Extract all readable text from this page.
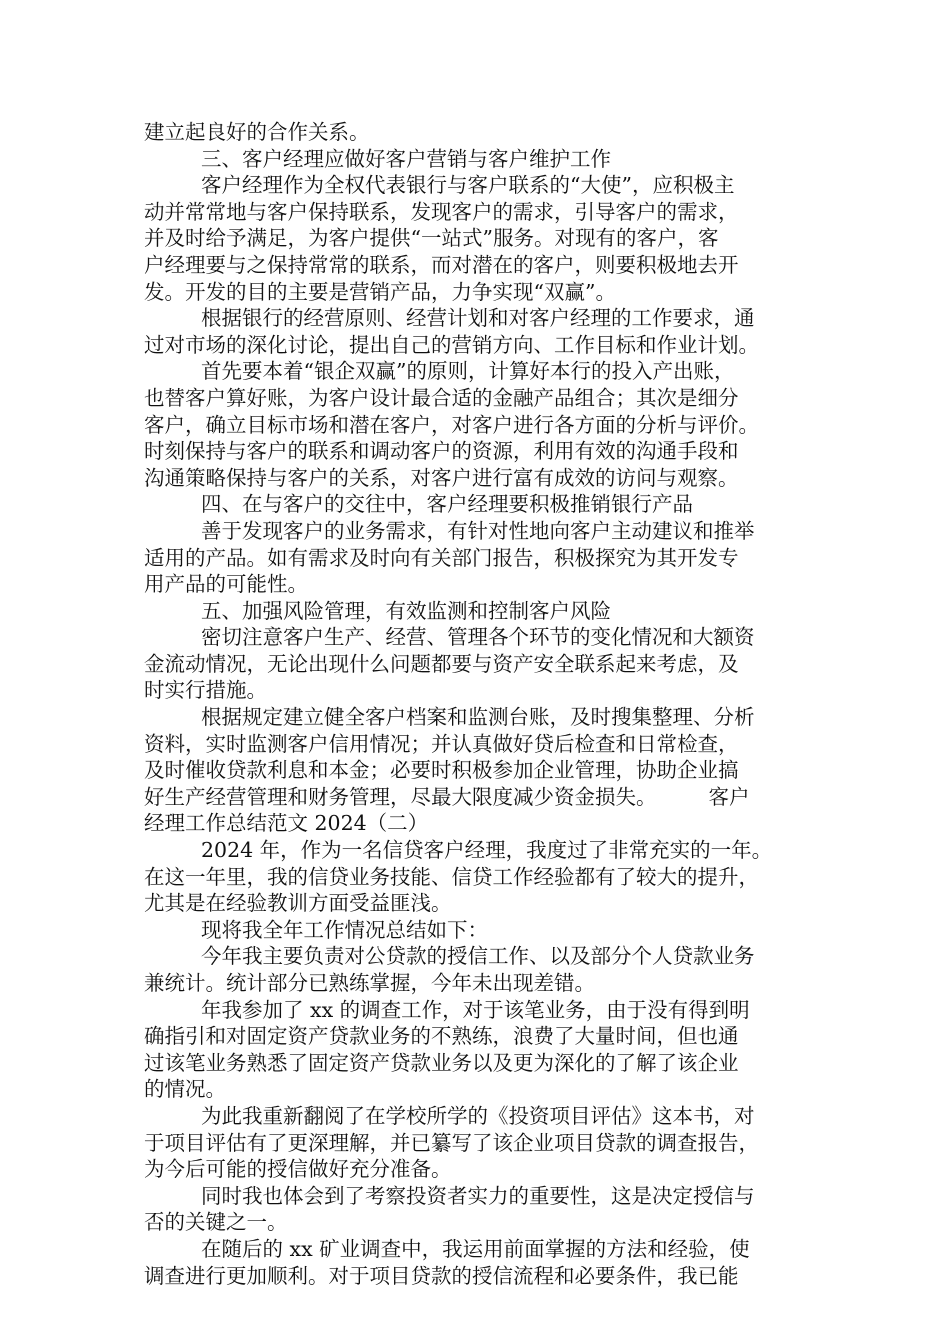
建立起良好的合作关系。
三、客户经理应做好客户营销与客户维护工作
客户经理作为全权代表银行与客户联系的“大使”，应积极主
动并常常地与客户保持联系，发现客户的需求，引导客户的需求，
并及时给予满足，为客户提供“一站式”服务。对现有的客户，客
户经理要与之保持常常的联系，而对潜在的客户，则要积极地去开
发。开发的目的主要是营销产品，力争实现“双赢”。
根据银行的经营原则、经营计划和对客户经理的工作要求，通
过对市场的深化讨论，提出自己的营销方向、工作目标和作业计划。
首先要本着“银企双赢”的原则，计算好本行的投入产出账，
也替客户算好账，为客户设计最合适的金融产品组合；其次是细分
客户，确立目标市场和潜在客户，对客户进行各方面的分析与评价。
时刻保持与客户的联系和调动客户的资源，利用有效的沟通手段和
沟通策略保持与客户的关系，对客户进行富有成效的访问与观察。
四、在与客户的交往中，客户经理要积极推销银行产品
善于发现客户的业务需求，有针对性地向客户主动建议和推举
适用的产品。如有需求及时向有关部门报告，积极探究为其开发专
用产品的可能性。
五、加强风险管理，有效监测和控制客户风险
密切注意客户生产、经营、管理各个环节的变化情况和大额资
金流动情况，无论出现什么问题都要与资产安全联系起来考虑，及
时实行措施。
根据规定建立健全客户档案和监测台账，及时搜集整理、分析
资料，实时监测客户信用情况；并认真做好贷后检查和日常检查，
及时催收贷款利息和本金；必要时积极参加企业管理，协助企业搞
好生产经营管理和财务管理，尽最大限度减少资金损失。	客户
经理工作总结范文 2024（二）
2024 年，作为一名信贷客户经理，我度过了非常充实的一年。
在这一年里，我的信贷业务技能、信贷工作经验都有了较大的提升，
尤其是在经验教训方面受益匪浅。
现将我全年工作情况总结如下：
今年我主要负责对公贷款的授信工作、以及部分个人贷款业务
兼统计。统计部分已熟练掌握，今年未出现差错。
年我参加了 xx 的调查工作，对于该笔业务，由于没有得到明
确指引和对固定资产贷款业务的不熟练，浪费了大量时间，但也通
过该笔业务熟悉了固定资产贷款业务以及更为深化的了解了该企业
的情况。
为此我重新翻阅了在学校所学的《投资项目评估》这本书，对
于项目评估有了更深理解，并已纂写了该企业项目贷款的调查报告，
为今后可能的授信做好充分准备。
同时我也体会到了考察投资者实力的重要性，这是决定授信与
否的关键之一。
在随后的 xx 矿业调查中，我运用前面掌握的方法和经验，使
调查进行更加顺利。对于项目贷款的授信流程和必要条件，我已能
